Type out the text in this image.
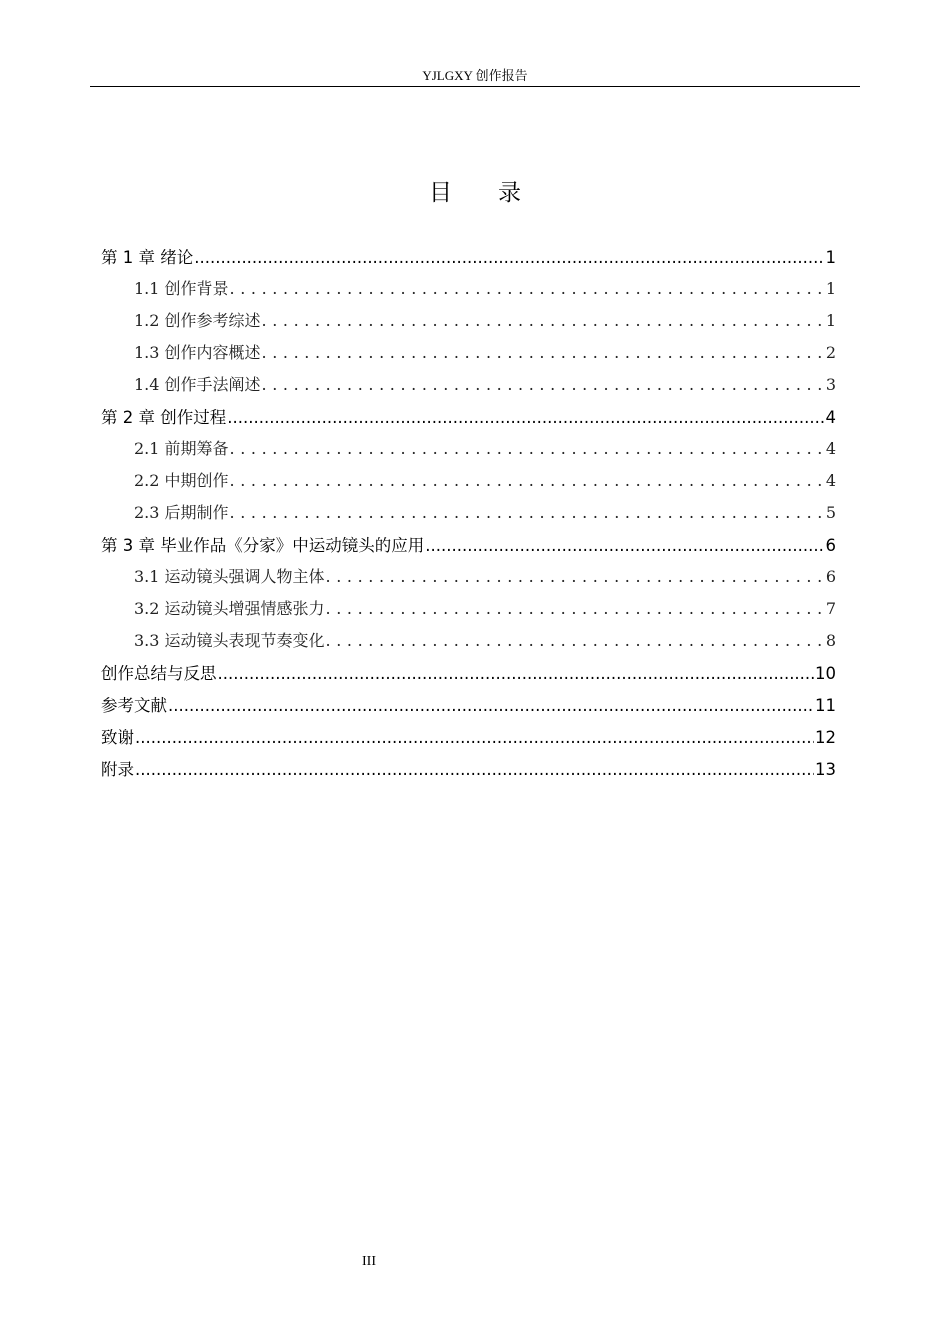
YJLGXY 创作报告
目录
第 1 章 绪论 .....	1
1.1 创作背景 .....	1
1.2 创作参考综述 .....	1
1.3 创作内容概述 .....	2
1.4 创作手法阐述 .....	3
第 2 章 创作过程 .....	4
2.1 前期筹备 .....	4
2.2 中期创作 .....	4
2.3 后期制作 .....	5
第 3 章 毕业作品《分家》中运动镜头的应用 .....	6
3.1 运动镜头强调人物主体 .....	6
3.2 运动镜头增强情感张力 .....	7
3.3 运动镜头表现节奏变化 .....	8
创作总结与反思 .....	10
参考文献 .....	11
致谢 .....	12
附录 .....	13
III
